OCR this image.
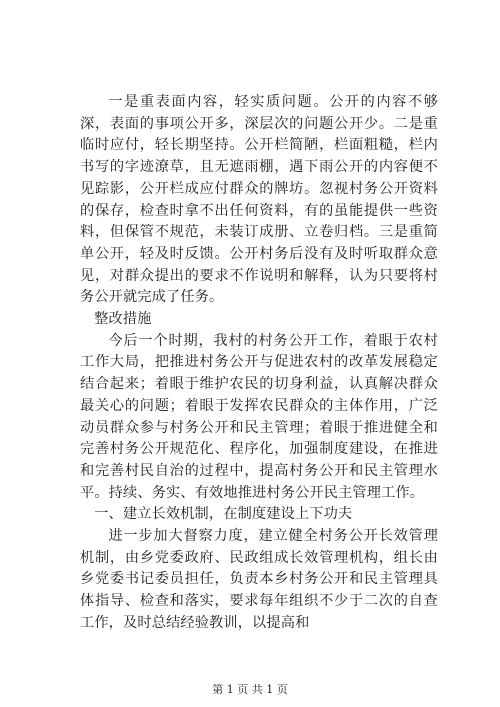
一是重表面内容，轻实质问题。公开的内容不够深，表面的事项公开多，深层次的问题公开少。二是重临时应付，轻长期坚持。公开栏简陋，栏面粗糙，栏内书写的字迹潦草，且无遮雨棚，遇下雨公开的内容便不见踪影，公开栏成应付群众的牌坊。忽视村务公开资料的保存，检查时拿不出任何资料，有的虽能提供一些资料，但保管不规范，未装订成册、立卷归档。三是重简单公开，轻及时反馈。公开村务后没有及时听取群众意见，对群众提出的要求不作说明和解释，认为只要将村务公开就完成了任务。

整改措施

今后一个时期，我村的村务公开工作，着眼于农村工作大局，把推进村务公开与促进农村的改革发展稳定结合起来；着眼于维护农民的切身利益，认真解决群众最关心的问题；着眼于发挥农民群众的主体作用，广泛动员群众参与村务公开和民主管理；着眼于推进健全和完善村务公开规范化、程序化，加强制度建设，在推进和完善村民自治的过程中，提高村务公开和民主管理水平。持续、务实、有效地推进村务公开民主管理工作。

一、建立长效机制，在制度建设上下功夫

进一步加大督察力度，建立健全村务公开长效管理机制，由乡党委政府、民政组成长效管理机构，组长由乡党委书记委员担任，负责本乡村务公开和民主管理具体指导、检查和落实，要求每年组织不少于二次的自查工作，及时总结经验教训，以提高和

第 1 页 共 1 页
